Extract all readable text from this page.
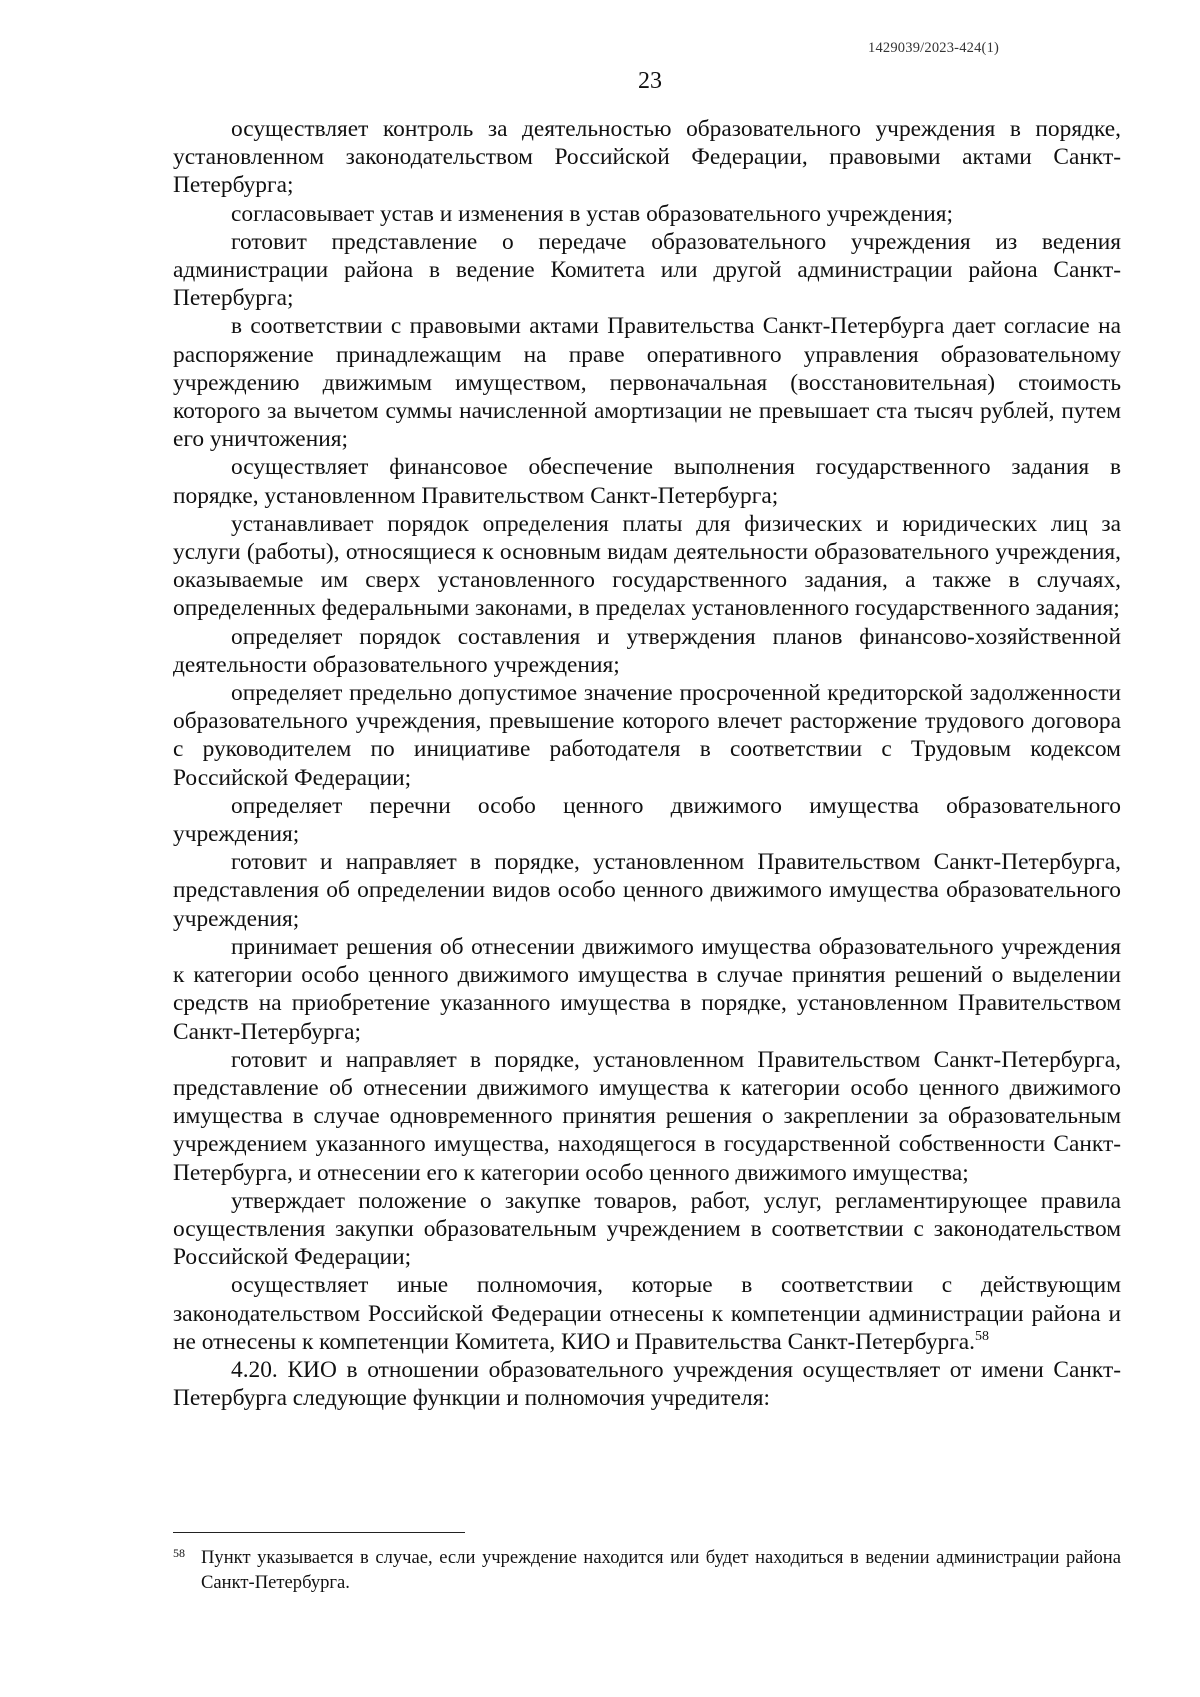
1429039/2023-424(1)
23

осуществляет контроль за деятельностью образовательного учреждения в порядке, установленном законодательством Российской Федерации, правовыми актами Санкт-Петербурга;

согласовывает устав и изменения в устав образовательного учреждения;

готовит представление о передаче образовательного учреждения из ведения администрации района в ведение Комитета или другой администрации района Санкт-Петербурга;

в соответствии с правовыми актами Правительства Санкт-Петербурга дает согласие на распоряжение принадлежащим на праве оперативного управления образовательному учреждению движимым имуществом, первоначальная (восстановительная) стоимость которого за вычетом суммы начисленной амортизации не превышает ста тысяч рублей, путем его уничтожения;

осуществляет финансовое обеспечение выполнения государственного задания в порядке, установленном Правительством Санкт-Петербурга;

устанавливает порядок определения платы для физических и юридических лиц за услуги (работы), относящиеся к основным видам деятельности образовательного учреждения, оказываемые им сверх установленного государственного задания, а также в случаях, определенных федеральными законами, в пределах установленного государственного задания;

определяет порядок составления и утверждения планов финансово-хозяйственной деятельности образовательного учреждения;

определяет предельно допустимое значение просроченной кредиторской задолженности образовательного учреждения, превышение которого влечет расторжение трудового договора с руководителем по инициативе работодателя в соответствии с Трудовым кодексом Российской Федерации;

определяет перечни особо ценного движимого имущества образовательного учреждения;

готовит и направляет в порядке, установленном Правительством Санкт-Петербурга, представления об определении видов особо ценного движимого имущества образовательного учреждения;

принимает решения об отнесении движимого имущества образовательного учреждения к категории особо ценного движимого имущества в случае принятия решений о выделении средств на приобретение указанного имущества в порядке, установленном Правительством Санкт-Петербурга;

готовит и направляет в порядке, установленном Правительством Санкт-Петербурга, представление об отнесении движимого имущества к категории особо ценного движимого имущества в случае одновременного принятия решения о закреплении за образовательным учреждением указанного имущества, находящегося в государственной собственности Санкт-Петербурга, и отнесении его к категории особо ценного движимого имущества;

утверждает положение о закупке товаров, работ, услуг, регламентирующее правила осуществления закупки образовательным учреждением в соответствии с законодательством Российской Федерации;

осуществляет иные полномочия, которые в соответствии с действующим законодательством Российской Федерации отнесены к компетенции администрации района и не отнесены к компетенции Комитета, КИО и Правительства Санкт-Петербурга.$^{58}$

4.20. КИО в отношении образовательного учреждения осуществляет от имени Санкт-Петербурга следующие функции и полномочия учредителя:

58 Пункт указывается в случае, если учреждение находится или будет находиться в ведении администрации района Санкт-Петербурга.
